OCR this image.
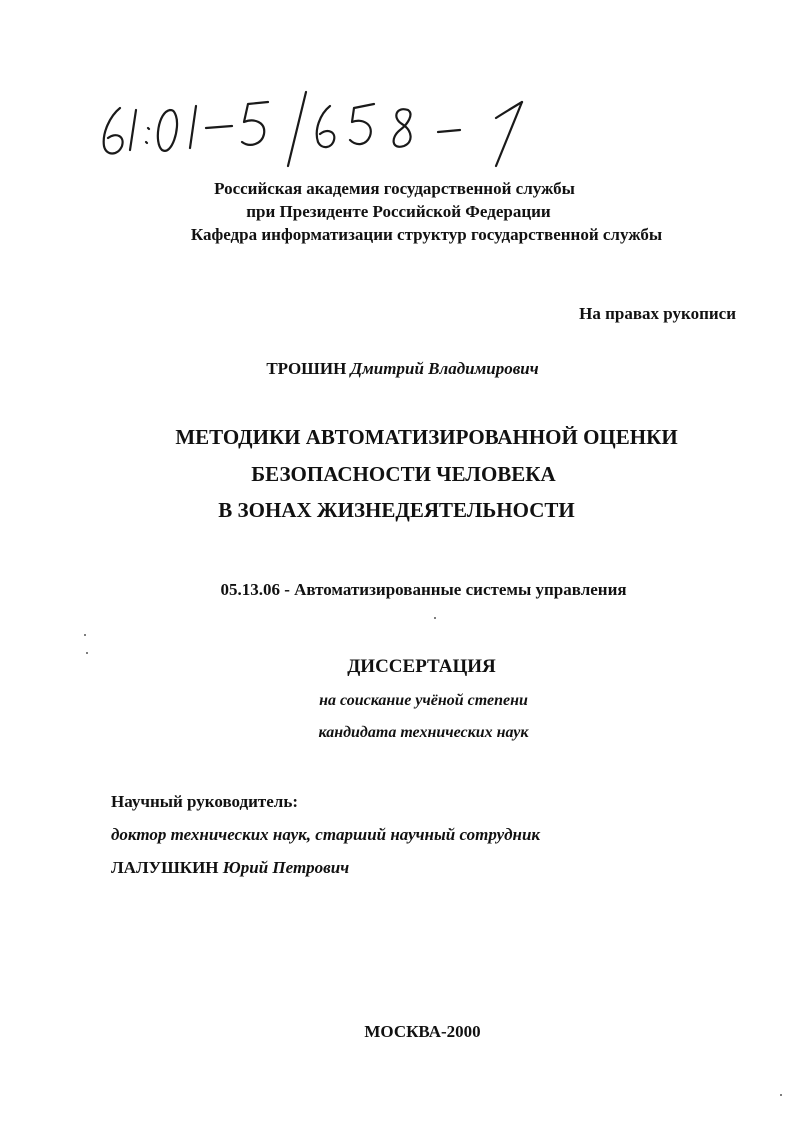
Российская академия государственной службы
при Президенте Российской Федерации
Кафедра информатизации структур государственной службы
На правах рукописи
ТРОШИН Дмитрий Владимирович
МЕТОДИКИ АВТОМАТИЗИРОВАННОЙ ОЦЕНКИ
БЕЗОПАСНОСТИ ЧЕЛОВЕКА
В ЗОНАХ ЖИЗНЕДЕЯТЕЛЬНОСТИ
05.13.06 - Автоматизированные системы управления
ДИССЕРТАЦИЯ
на соискание учёной степени
кандидата технических наук
Научный руководитель:
доктор технических наук, старший научный сотрудник
ЛАЛУШКИН Юрий Петрович
МОСКВА-2000
